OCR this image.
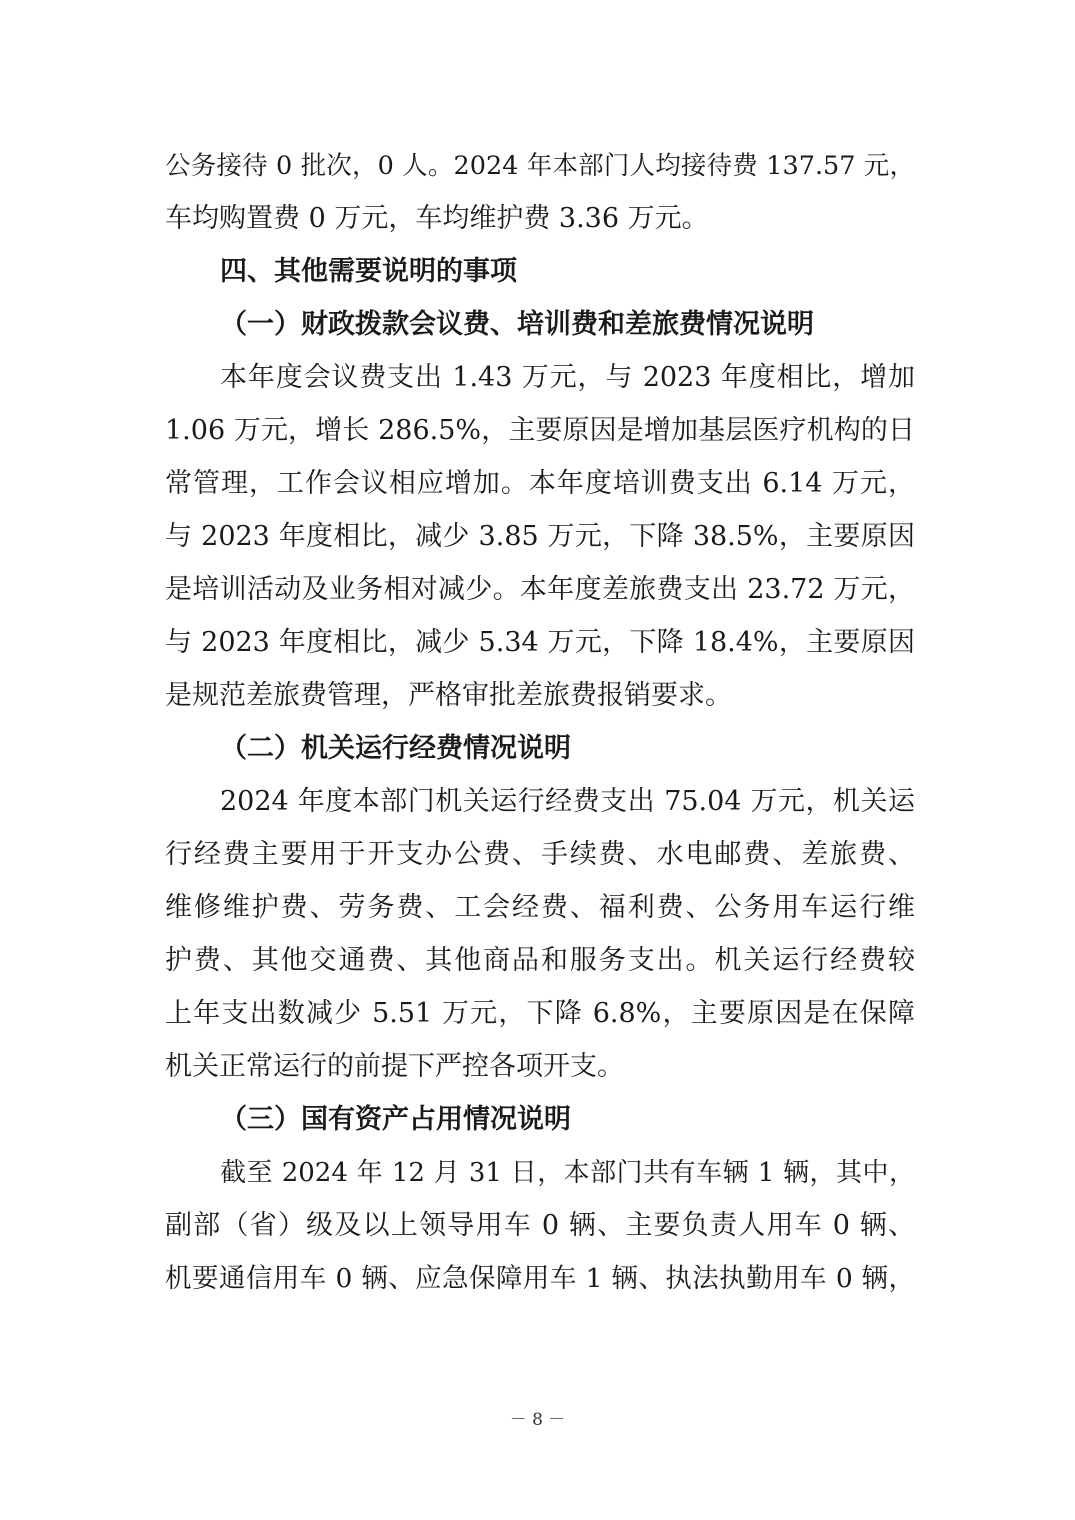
公务接待 0 批次，0 人。2024 年本部门人均接待费 137.57 元，
车均购置费 0 万元，车均维护费 3.36 万元。
四、其他需要说明的事项
（一）财政拨款会议费、培训费和差旅费情况说明
本年度会议费支出 1.43 万元，与 2023 年度相比，增加
1.06 万元，增长 286.5%，主要原因是增加基层医疗机构的日
常管理，工作会议相应增加。本年度培训费支出 6.14 万元，
与 2023 年度相比，减少 3.85 万元，下降 38.5%，主要原因
是培训活动及业务相对减少。本年度差旅费支出 23.72 万元，
与 2023 年度相比，减少 5.34 万元，下降 18.4%，主要原因
是规范差旅费管理，严格审批差旅费报销要求。
（二）机关运行经费情况说明
2024 年度本部门机关运行经费支出 75.04 万元，机关运
行经费主要用于开支办公费、手续费、水电邮费、差旅费、
维修维护费、劳务费、工会经费、福利费、公务用车运行维
护费、其他交通费、其他商品和服务支出。机关运行经费较
上年支出数减少 5.51 万元，下降 6.8%，主要原因是在保障
机关正常运行的前提下严控各项开支。
（三）国有资产占用情况说明
截至 2024 年 12 月 31 日，本部门共有车辆 1 辆，其中，
副部（省）级及以上领导用车 0 辆、主要负责人用车 0 辆、
机要通信用车 0 辆、应急保障用车 1 辆、执法执勤用车 0 辆，
－ 8 －
